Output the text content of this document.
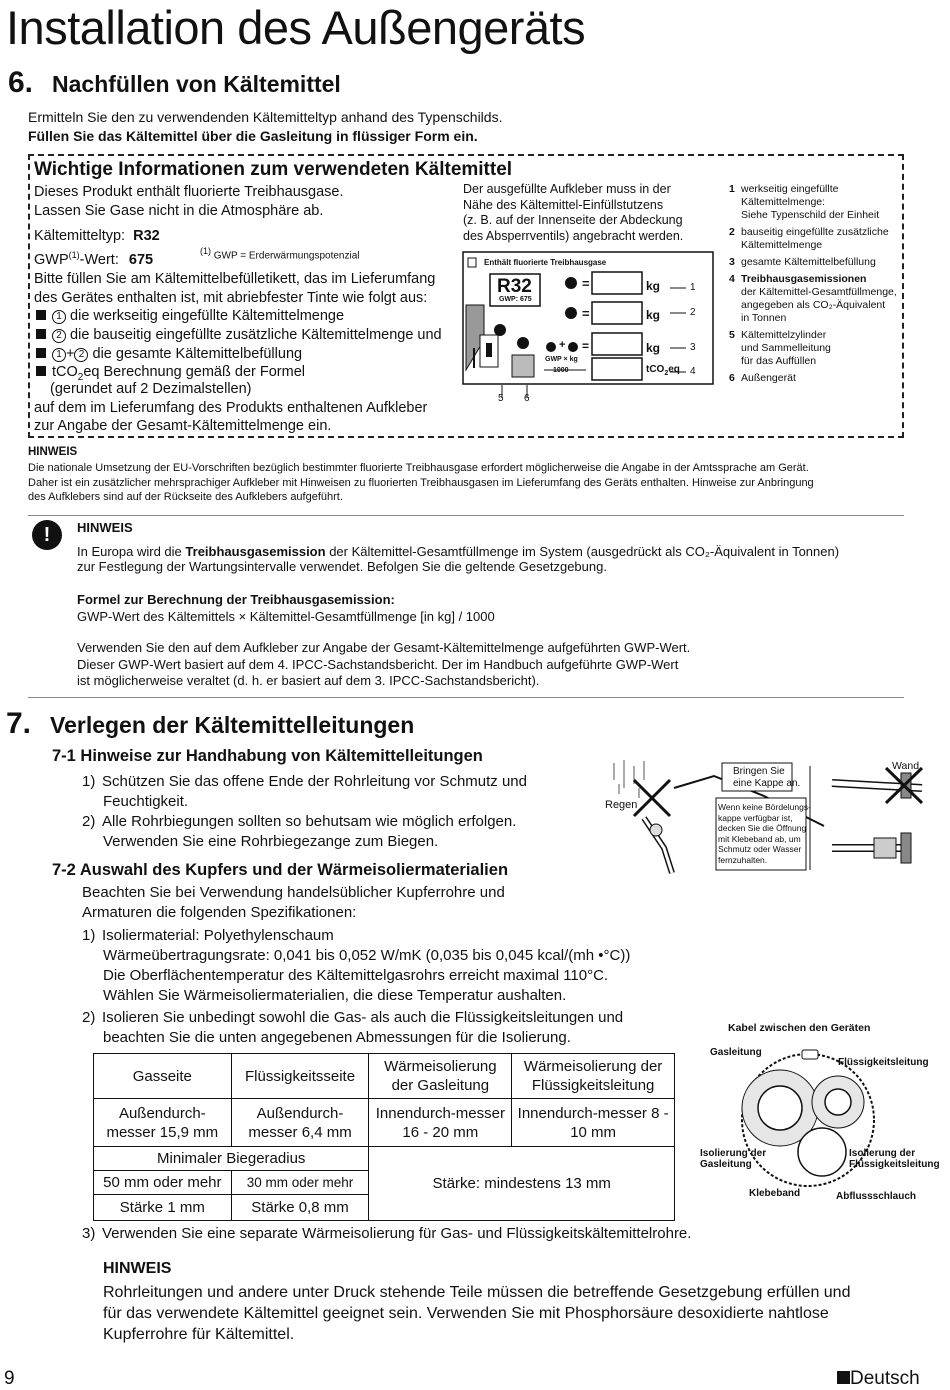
Installation des Außengeräts
6. Nachfüllen von Kältemittel
Ermitteln Sie den zu verwendenden Kältemitteltyp anhand des Typenschilds.
Füllen Sie das Kältemittel über die Gasleitung in flüssiger Form ein.
Wichtige Informationen zum verwendeten Kältemittel
Dieses Produkt enthält fluorierte Treibhausgase.
Lassen Sie Gase nicht in die Atmosphäre ab.
Kältemitteltyp: R32
GWP$^{(1)}$-Wert: 675
$^{(1)}$ GWP = Erderwärmungspotenzial
Bitte füllen Sie am Kältemittelbefülletikett, das im Lieferumfang
des Gerätes enthalten ist, mit abriebfester Tinte wie folgt aus:
1 die werkseitig eingefüllte Kältemittelmenge
2 die bauseitig eingefüllte zusätzliche Kältemittelmenge und
1 + 2 die gesamte Kältemittelbefüllung
tCO$_2$eq Berechnung gemäß der Formel
(gerundet auf 2 Dezimalstellen)
auf dem im Lieferumfang des Produkts enthaltenen Aufkleber
zur Angabe der Gesamt-Kältemittelmenge ein.
Der ausgefüllte Aufkleber muss in der
Nähe des Kältemittel-Einfüllstutzens
(z. B. auf der Innenseite der Abdeckung
des Absperrventils) angebracht werden.
Enthält fluorierte Treibhausgase
R32
GWP: 675
1
2
=
=
kg
kg
kg
+ =
GWP × kg
1000	tCO$_2$eq
1
2
3
4
5 6
1 werkseitig eingefüllte
Kältemittelmenge:
Siehe Typenschild der Einheit
2 bauseitig eingefüllte zusätzliche
Kältemittelmenge
3 gesamte Kältemittelbefüllung
4 Treibhausgasemissionen
der Kältemittel-Gesamtfüllmenge,
angegeben als CO₂-Äquivalent
in Tonnen
5 Kältemittelzylinder
und Sammelleitung
für das Auffüllen
6 Außengerät
HINWEIS
Die nationale Umsetzung der EU-Vorschriften bezüglich bestimmter fluorierte Treibhausgase erfordert möglicherweise die Angabe in der Amtssprache am Gerät.
Daher ist ein zusätzlicher mehrsprachiger Aufkleber mit Hinweisen zu fluorierten Treibhausgasen im Lieferumfang des Geräts enthalten. Hinweise zur Anbringung
des Aufklebers sind auf der Rückseite des Aufklebers aufgeführt.
!	HINWEIS
In Europa wird die Treibhausgasemission der Kältemittel-Gesamtfüllmenge im System (ausgedrückt als CO₂-Äquivalent in Tonnen)
zur Festlegung der Wartungsintervalle verwendet. Befolgen Sie die geltende Gesetzgebung.
Formel zur Berechnung der Treibhausgasemission:
GWP-Wert des Kältemittels × Kältemittel-Gesamtfüllmenge [in kg] / 1000
Verwenden Sie den auf dem Aufkleber zur Angabe der Gesamt-Kältemittelmenge aufgeführten GWP-Wert.
Dieser GWP-Wert basiert auf dem 4. IPCC-Sachstandsbericht. Der im Handbuch aufgeführte GWP-Wert
ist möglicherweise veraltet (d. h. er basiert auf dem 3. IPCC-Sachstandsbericht).
7. Verlegen der Kältemittelleitungen
7-1 Hinweise zur Handhabung von Kältemittelleitungen
1) Schützen Sie das offene Ende der Rohrleitung vor Schmutz und
Feuchtigkeit.
2) Alle Rohrbiegungen sollten so behutsam wie möglich erfolgen.
Verwenden Sie eine Rohrbiegezange zum Biegen.
Regen
Bringen Sie
eine Kappe an.
Wenn keine Bördelungs-
kappe verfügbar ist,
decken Sie die Öffnung
mit Klebeband ab, um
Schmutz oder Wasser
fernzuhalten.
Wand
7-2 Auswahl des Kupfers und der Wärmeisoliermaterialien
Beachten Sie bei Verwendung handelsüblicher Kupferrohre und
Armaturen die folgenden Spezifikationen:
1) Isoliermaterial: Polyethylenschaum
Wärmeübertragungsrate: 0,041 bis 0,052 W/mK (0,035 bis 0,045 kcal/(mh •°C))
Die Oberflächentemperatur des Kältemittelgasrohrs erreicht maximal 110°C.
Wählen Sie Wärmeisoliermaterialien, die diese Temperatur aushalten.
2) Isolieren Sie unbedingt sowohl die Gas- als auch die Flüssigkeitsleitungen und
beachten Sie die unten angegebenen Abmessungen für die Isolierung.
Gasseite	Flüssigkeitsseite	Wärmeisolierung der Gasleitung	Wärmeisolierung der Flüssigkeitsleitung
Außendurch-messer 15,9 mm	Außendurch-messer 6,4 mm	Innendurch-messer 16 - 20 mm	Innendurch-messer 8 - 10 mm
Minimaler Biegeradius		Stärke: mindestens 13 mm	
50 mm oder mehr	30 mm oder mehr		
Stärke 1 mm	Stärke 0,8 mm		
Kabel zwischen den Geräten
Gasleitung
Flüssigkeitsleitung
Isolierung der
Gasleitung
Isolierung der
Flüssigkeitsleitung
Klebeband	Abflussschlauch
3) Verwenden Sie eine separate Wärmeisolierung für Gas- und Flüssigkeitskältemittelrohre.
HINWEIS
Rohrleitungen und andere unter Druck stehende Teile müssen die betreffende Gesetzgebung erfüllen und
für das verwendete Kältemittel geeignet sein. Verwenden Sie mit Phosphorsäure desoxidierte nahtlose
Kupferrohre für Kältemittel.
9	Deutsch
